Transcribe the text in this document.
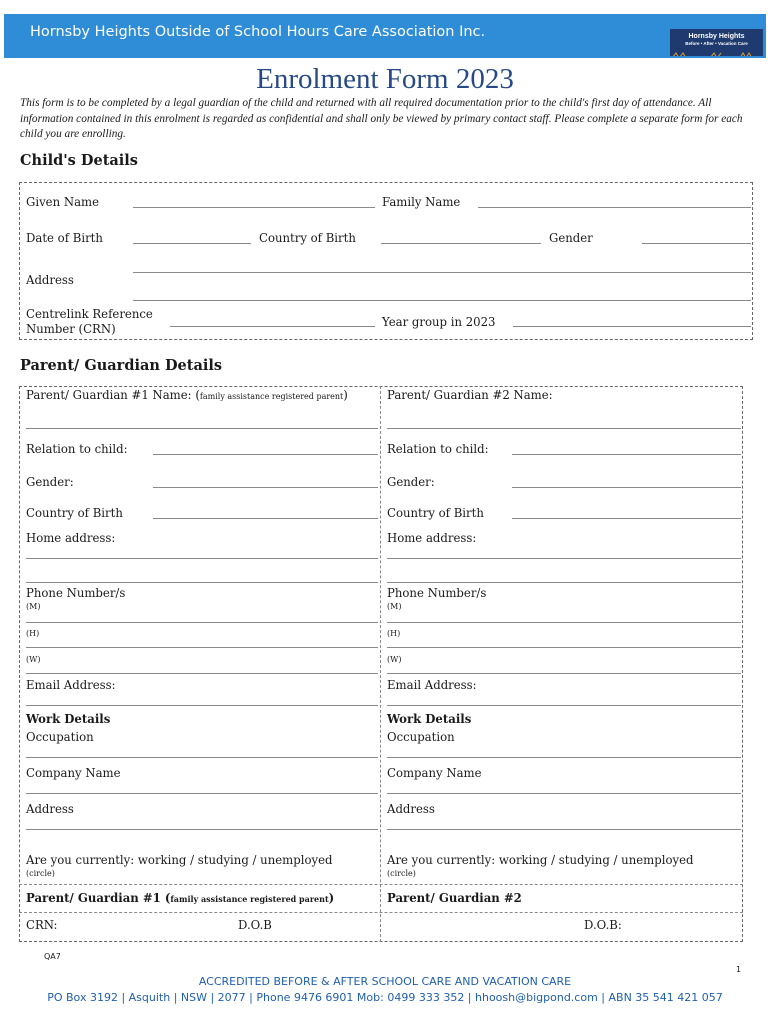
Hornsby Heights Outside of School Hours Care Association Inc.	Hornsby Heights
Before • After • Vacation Care
Enrolment Form 2023
This form is to be completed by a legal guardian of the child and returned with all required documentation prior to the child's first day of attendance. All information contained in this enrolment is regarded as confidential and shall only be viewed by primary contact staff. Please complete a separate form for each child you are enrolling.
Child's Details
Given Name	Family Name
Date of Birth	Country of Birth	Gender
Address
Centrelink Reference
Number (CRN)	Year group in 2023
Parent/ Guardian Details
Parent/ Guardian #1 Name: (family assistance registered parent)
Relation to child:
Gender:
Country of Birth
Home address:
Phone Number/s
(M)
(H)
(W)
Email Address:
Work Details
Occupation
Company Name
Address
Are you currently: working / studying / unemployed
(circle)
Parent/ Guardian #1 (family assistance registered parent)
CRN:	D.O.B
Parent/ Guardian #2 Name:
Relation to child:
Gender:
Country of Birth
Home address:
Phone Number/s
(M)
(H)
(W)
Email Address:
Work Details
Occupation
Company Name
Address
Are you currently: working / studying / unemployed
(circle)
Parent/ Guardian #2
D.O.B:
QA7
1
ACCREDITED BEFORE & AFTER SCHOOL CARE AND VACATION CARE
PO Box 3192 | Asquith | NSW | 2077 | Phone 9476 6901 Mob: 0499 333 352 | hhoosh@bigpond.com | ABN 35 541 421 057
